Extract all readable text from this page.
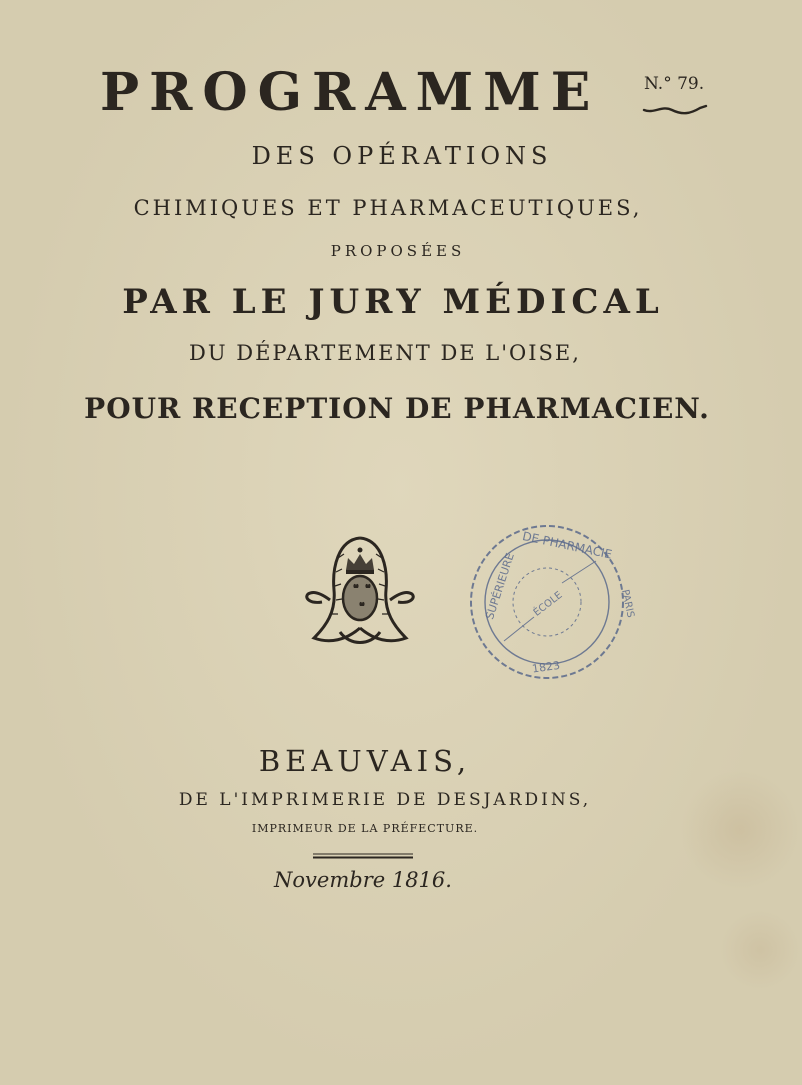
PROGRAMME	N.° 79.
DES OPÉRATIONS
CHIMIQUES ET PHARMACEUTIQUES,
PROPOSÉES
PAR LE JURY MÉDICAL
DU DÉPARTEMENT DE L'OISE,
POUR RECEPTION DE PHARMACIEN.
DE PHARMACIE
SUPÉRIEURE	PARIS
1823
ÉCOLE
BEAUVAIS,
DE L'IMPRIMERIE DE DESJARDINS,
IMPRIMEUR DE LA PRÉFECTURE.
Novembre 1816.
